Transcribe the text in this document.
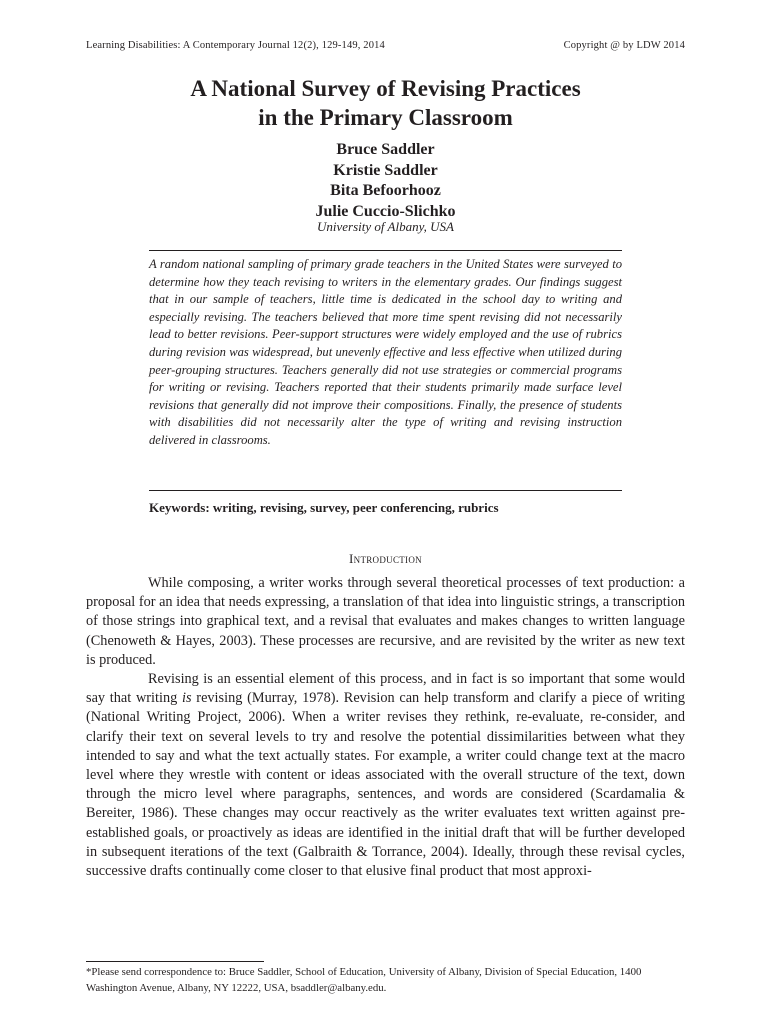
Learning Disabilities: A Contemporary Journal 12(2), 129-149, 2014	Copyright @ by LDW 2014
A National Survey of Revising Practices
in the Primary Classroom
Bruce Saddler
Kristie Saddler
Bita Befoorhooz
Julie Cuccio-Slichko
University of Albany, USA

A random national sampling of primary grade teachers in the United States were surveyed to determine how they teach revising to writers in the elementary grades. Our findings suggest that in our sample of teachers, little time is dedicated in the school day to writing and especially revising. The teachers believed that more time spent revising did not necessarily lead to better revisions. Peer-support structures were widely employed and the use of rubrics during revision was widespread, but unevenly effective and less effective when utilized during peer-grouping structures. Teachers generally did not use strategies or commercial programs for writing or revising. Teachers reported that their students primarily made surface level revisions that generally did not improve their compositions. Finally, the presence of students with disabilities did not necessarily alter the type of writing and revising instruction delivered in classrooms.

Keywords: writing, revising, survey, peer conferencing, rubrics
Introduction

While composing, a writer works through several theoretical processes of text production: a proposal for an idea that needs expressing, a translation of that idea into linguistic strings, a transcription of those strings into graphical text, and a revisal that evaluates and makes changes to written language (Chenoweth & Hayes, 2003). These processes are recursive, and are revisited by the writer as new text is produced.

Revising is an essential element of this process, and in fact is so important that some would say that writing is revising (Murray, 1978). Revision can help transform and clarify a piece of writing (National Writing Project, 2006). When a writer revises they rethink, re-evaluate, re-consider, and clarify their text on several levels to try and resolve the potential dissimilarities between what they intended to say and what the text actually states. For example, a writer could change text at the macro level where they wrestle with content or ideas associated with the overall structure of the text, down through the micro level where paragraphs, sentences, and words are considered (Scardamalia & Bereiter, 1986). These changes may occur reactively as the writer evaluates text written against pre-established goals, or proactively as ideas are identified in the initial draft that will be further developed in subsequent iterations of the text (Galbraith & Torrance, 2004). Ideally, through these revisal cycles, successive drafts continually come closer to that elusive final product that most approxi-

*Please send correspondence to: Bruce Saddler, School of Education, University of Albany, Division of Special Education, 1400 Washington Avenue, Albany, NY 12222, USA, bsaddler@albany.edu.
